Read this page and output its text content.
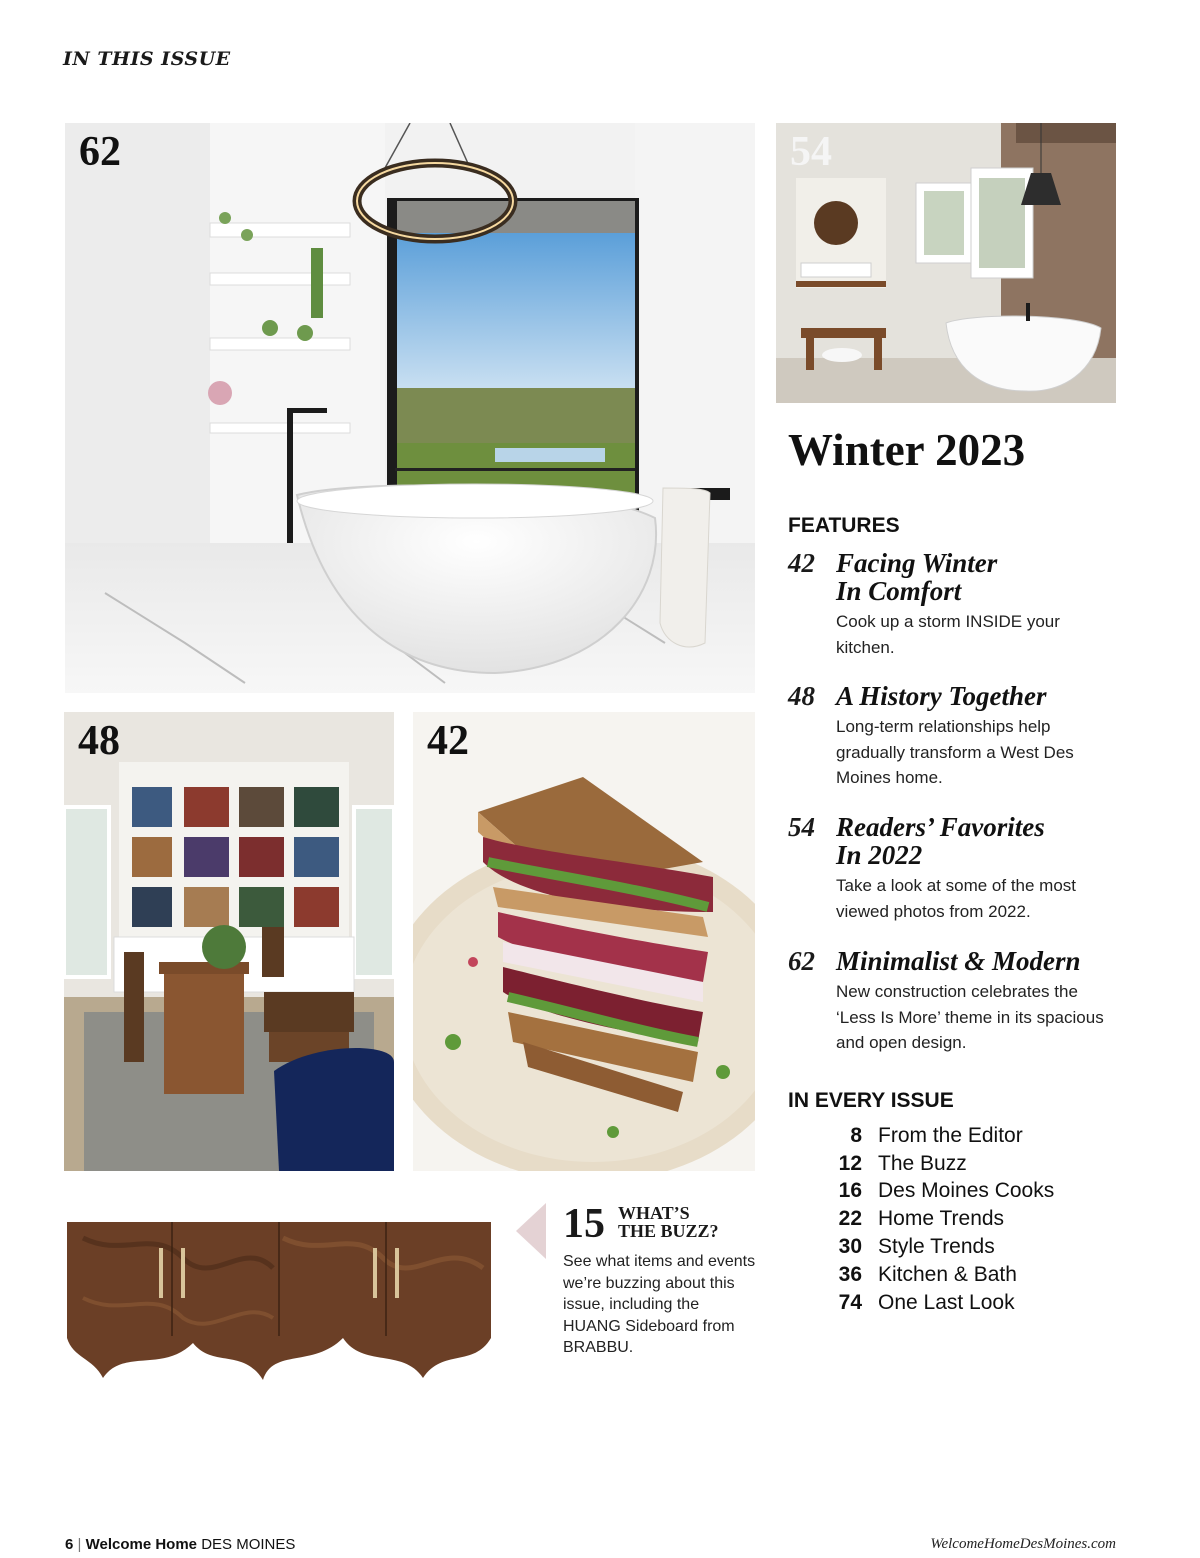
IN THIS ISSUE
62	54
48	42
Winter 2023
FEATURES
42 Facing Winter
In Comfort
Cook up a storm INSIDE your kitchen.
48 A History Together
Long-term relationships help gradually transform a West Des Moines home.
54 Readers’ Favorites
In 2022
Take a look at some of the most viewed photos from 2022.
62 Minimalist & Modern
New construction celebrates the ‘Less Is More’ theme in its spacious and open design.
IN EVERY ISSUE
8 From the Editor
12 The Buzz
16 Des Moines Cooks
22 Home Trends
30 Style Trends
36 Kitchen & Bath
74 One Last Look
15 WHAT’S
THE BUZZ?
See what items and events we’re buzzing about this issue, including the HUANG Sideboard from BRABBU.
6 | Welcome Home DES MOINES	WelcomeHomeDesMoines.com
